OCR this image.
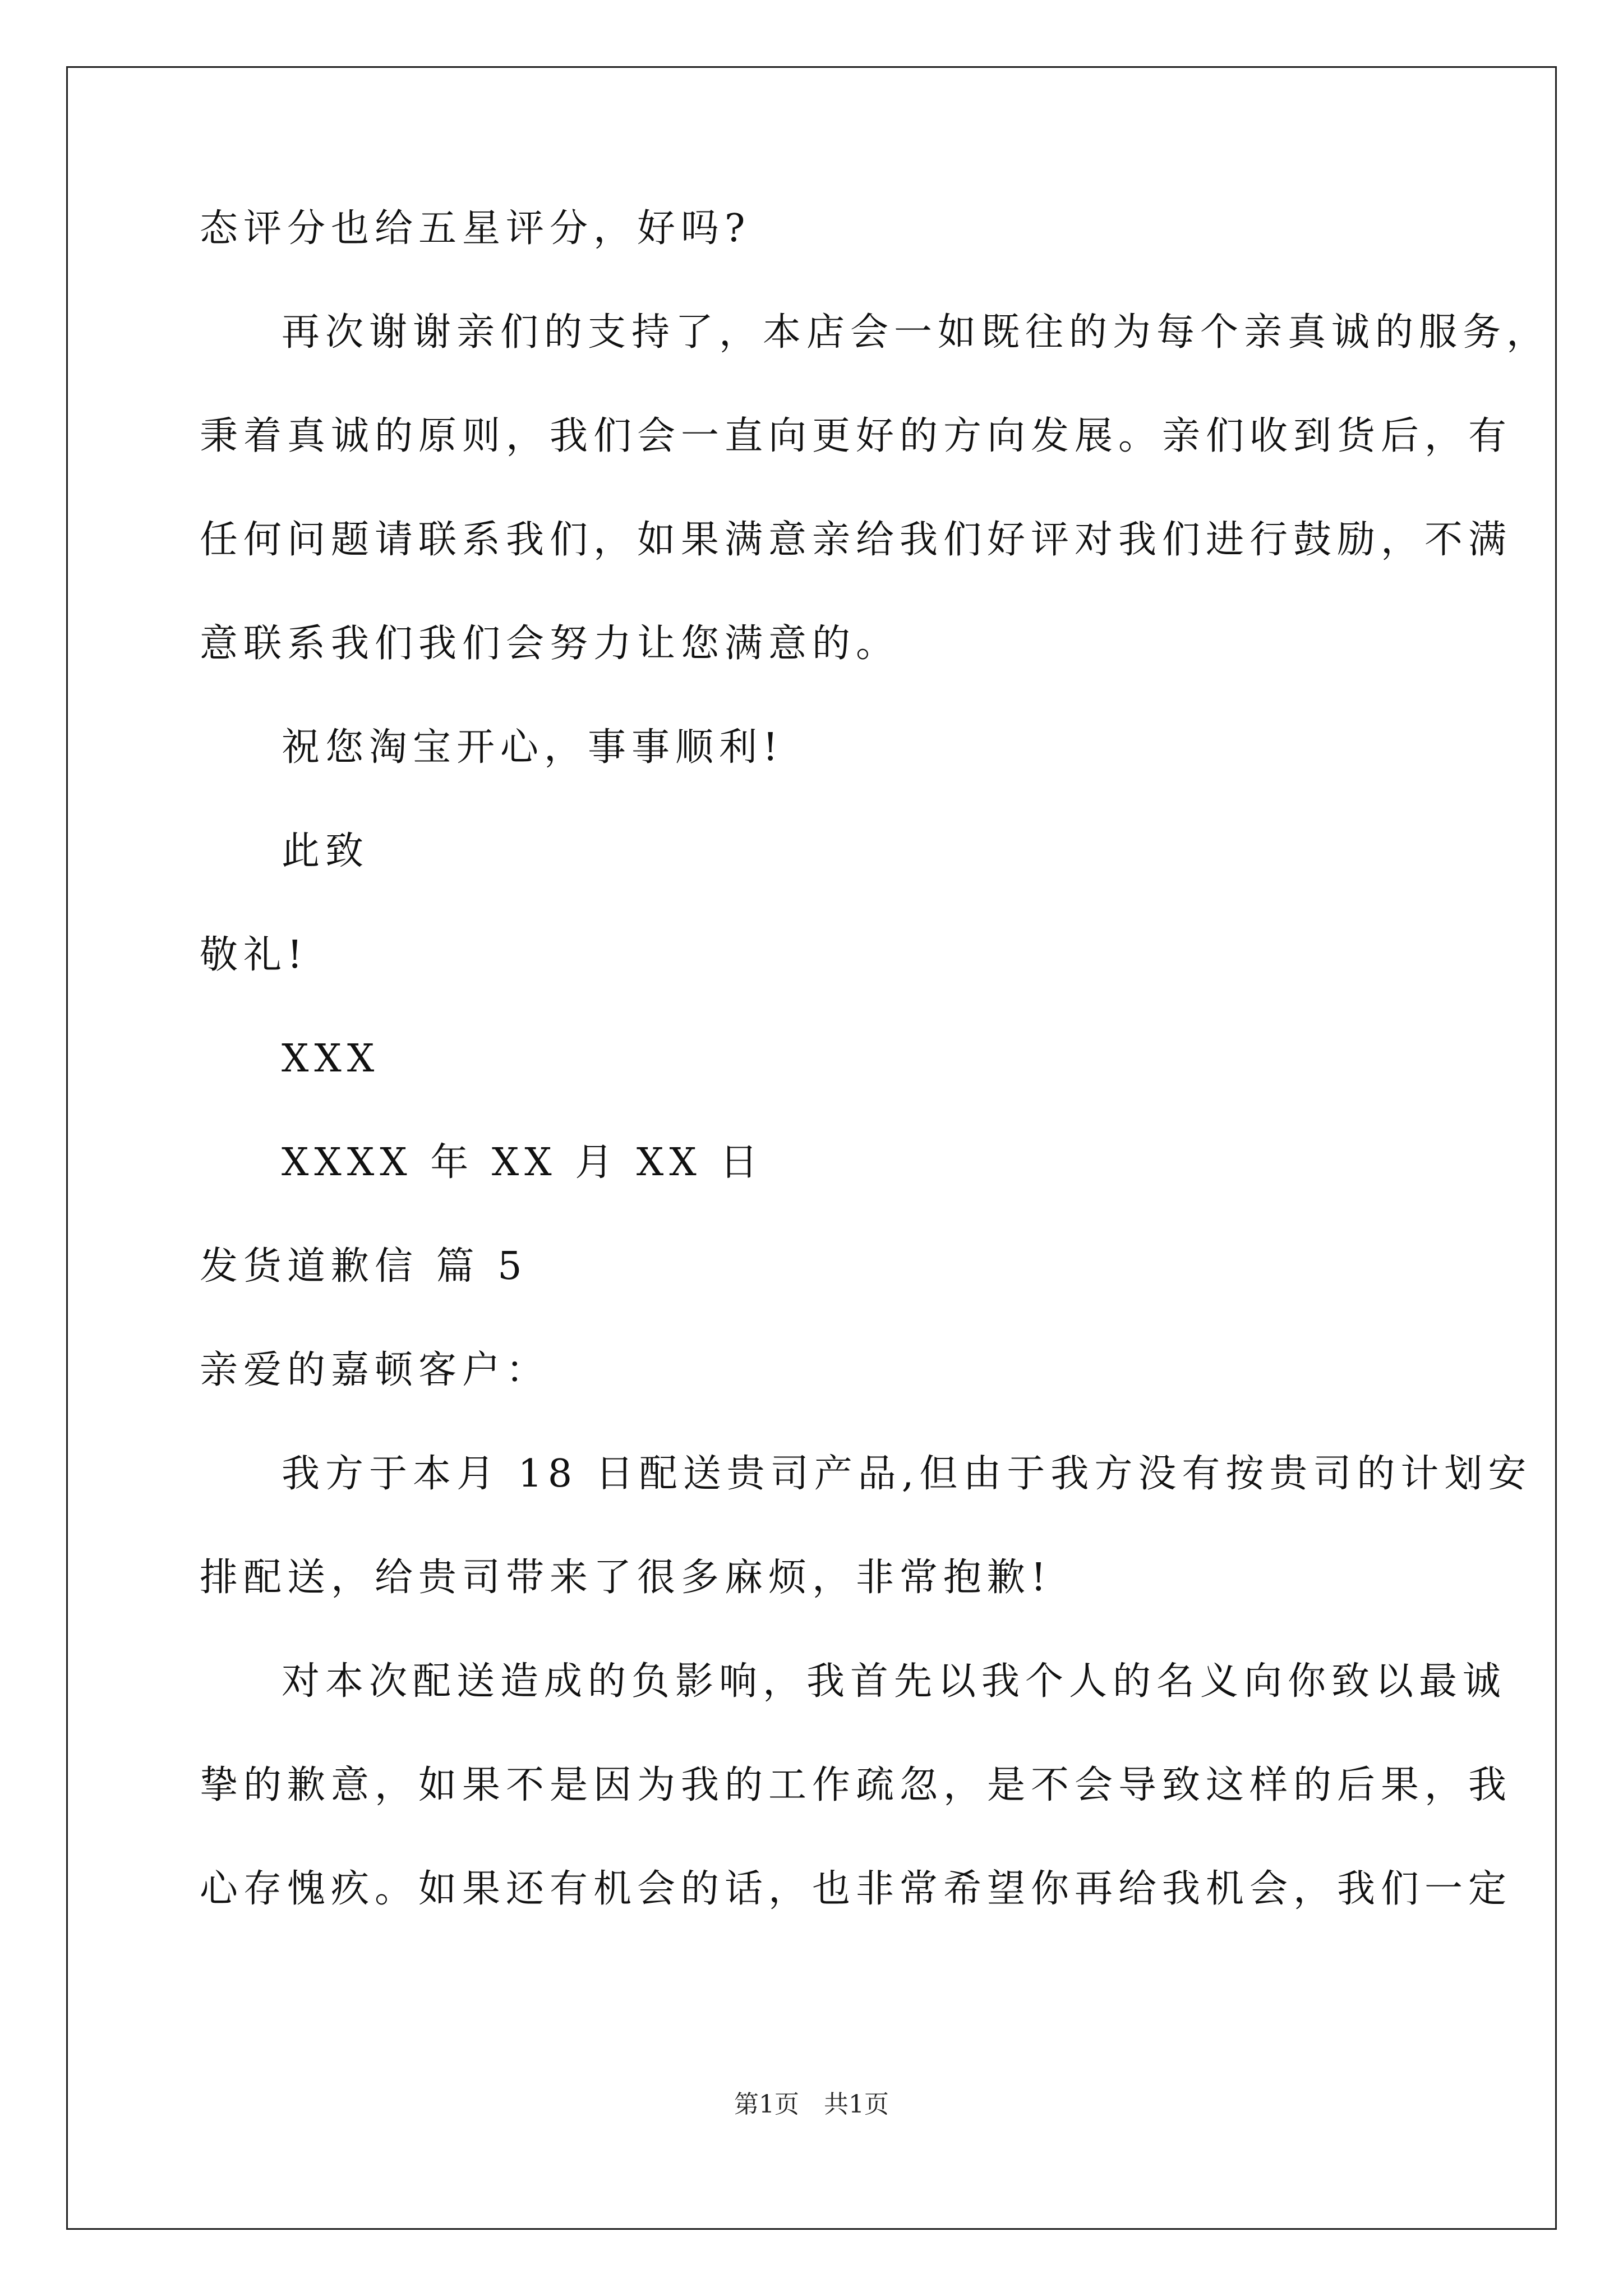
态评分也给五星评分，好吗?
再次谢谢亲们的支持了，本店会一如既往的为每个亲真诚的服务，
秉着真诚的原则，我们会一直向更好的方向发展。亲们收到货后，有
任何问题请联系我们，如果满意亲给我们好评对我们进行鼓励，不满
意联系我们我们会努力让您满意的。
祝您淘宝开心，事事顺利!
此致
敬礼!
XXX
XXXX 年 XX 月 XX 日
发货道歉信 篇 5
亲爱的嘉顿客户：
我方于本月 18 日配送贵司产品,但由于我方没有按贵司的计划安
排配送，给贵司带来了很多麻烦，非常抱歉!
对本次配送造成的负影响，我首先以我个人的名义向你致以最诚
挚的歉意，如果不是因为我的工作疏忽，是不会导致这样的后果，我
心存愧疚。如果还有机会的话，也非常希望你再给我机会，我们一定
第1页　共1页
